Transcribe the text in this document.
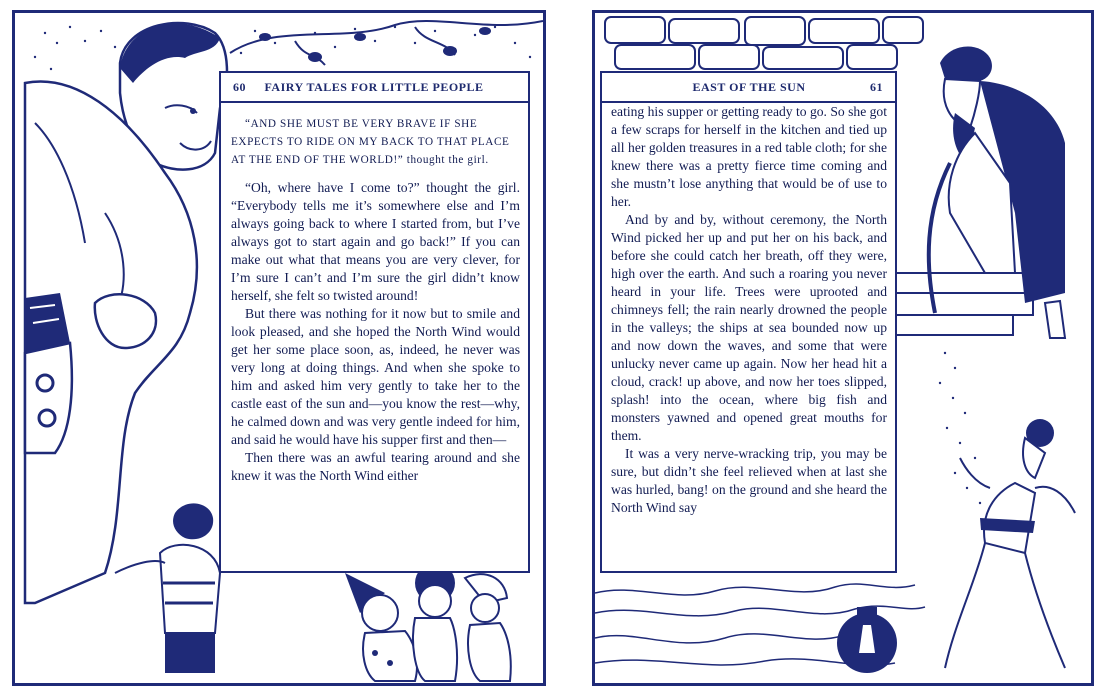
60 FAIRY TALES FOR LITTLE PEOPLE

“AND SHE MUST BE VERY BRAVE IF SHE EXPECTS TO RIDE ON MY BACK TO THAT PLACE AT THE END OF THE WORLD!” thought the girl.

“Oh, where have I come to?” thought the girl. “Everybody tells me it’s somewhere else and I’m always going back to where I started from, but I’ve always got to start again and go back!” If you can make out what that means you are very clever, for I’m sure I can’t and I’m sure the girl didn’t know herself, she felt so twisted around!

But there was nothing for it now but to smile and look pleased, and she hoped the North Wind would get her some place soon, as, indeed, he never was very long at doing things. And when she spoke to him and asked him very gently to take her to the castle east of the sun and—you know the rest—why, he calmed down and was very gentle indeed for him, and said he would have his supper first and then—

Then there was an awful tearing around and she knew it was the North Wind either

EAST OF THE SUN	61

eating his supper or getting ready to go. So she got a few scraps for herself in the kitchen and tied up all her golden treasures in a red table cloth; for she knew there was a pretty fierce time coming and she mustn’t lose anything that would be of use to her.

And by and by, without ceremony, the North Wind picked her up and put her on his back, and before she could catch her breath, off they were, high over the earth. And such a roaring you never heard in your life. Trees were uprooted and chimneys fell; the rain nearly drowned the people in the valleys; the ships at sea bounded now up and now down the waves, and some that were unlucky never came up again. Now her head hit a cloud, crack! up above, and now her toes slipped, splash! into the ocean, where big fish and monsters yawned and opened great mouths for them.

It was a very nerve-wracking trip, you may be sure, but didn’t she feel relieved when at last she was hurled, bang! on the ground and she heard the North Wind say
